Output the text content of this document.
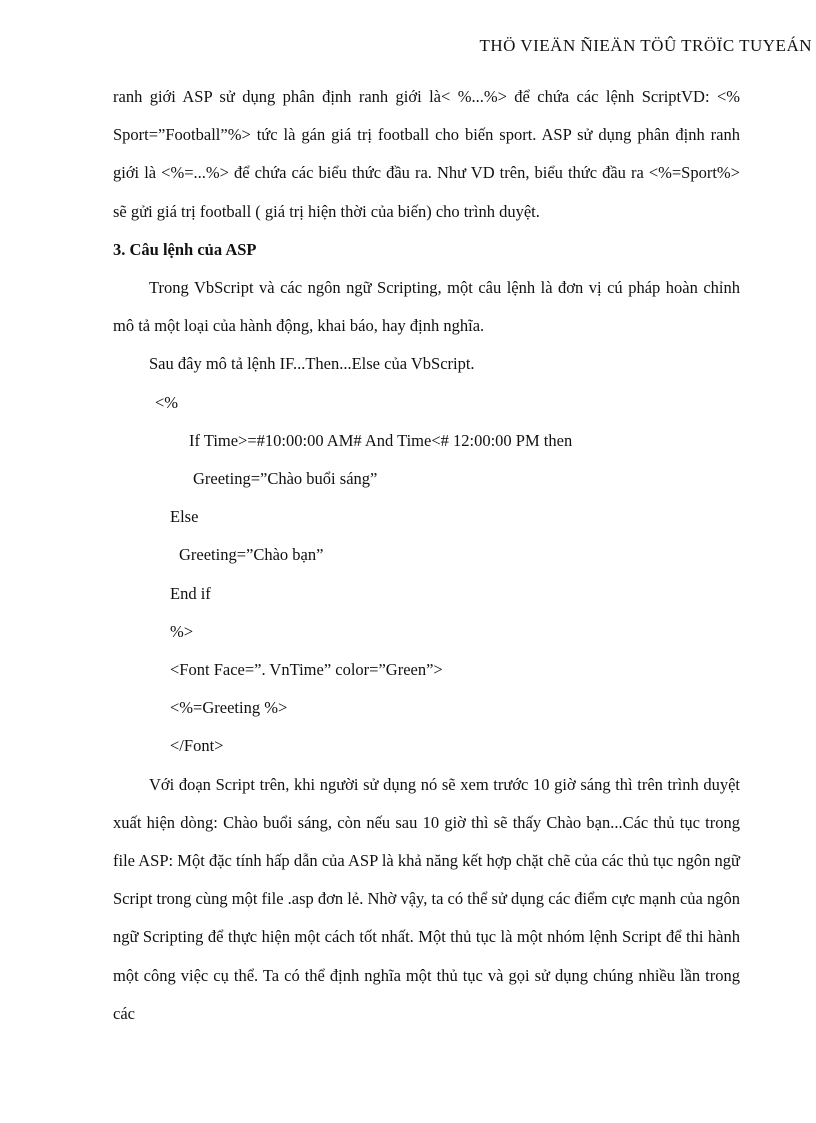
THÖ VIEÄN ÑIEÄN TÖÛ TRÖÏC TUYEÁN

ranh giới ASP sử dụng phân định ranh giới là< %...%> để chứa các lệnh ScriptVD: <% Sport=”Football”%> tức là gán giá trị football cho biến sport. ASP sử dụng phân định ranh giới là <%=...%> để chứa các biểu thức đầu ra. Như VD trên, biểu thức đầu ra <%=Sport%> sẽ gửi giá trị football ( giá trị hiện thời của biến) cho trình duyệt.

3. Câu lệnh của ASP

Trong VbScript và các ngôn ngữ Scripting, một câu lệnh là đơn vị cú pháp hoàn chỉnh mô tả một loại của hành động, khai báo, hay định nghĩa.

Sau đây mô tả lệnh IF...Then...Else của VbScript.

<%

If Time>=#10:00:00 AM# And Time<# 12:00:00 PM then

Greeting=”Chào buổi sáng”

Else

Greeting=”Chào bạn”

End if

%>

<Font Face=”. VnTime” color=”Green”>

<%=Greeting %>

</Font>

Với đoạn Script trên, khi người sử dụng nó sẽ xem trước 10 giờ sáng thì trên trình duyệt xuất hiện dòng: Chào buổi sáng, còn nếu sau 10 giờ thì sẽ thấy Chào bạn...Các thủ tục trong file ASP: Một đặc tính hấp dẫn của ASP là khả năng kết hợp chặt chẽ của các thủ tục ngôn ngữ Script trong cùng một file .asp đơn lẻ. Nhờ vậy, ta có thể sử dụng các điểm cực mạnh của ngôn ngữ Scripting để thực hiện một cách tốt nhất. Một thủ tục là một nhóm lệnh Script để thi hành một công việc cụ thể. Ta có thể định nghĩa một thủ tục và gọi sử dụng chúng nhiều lần trong các
